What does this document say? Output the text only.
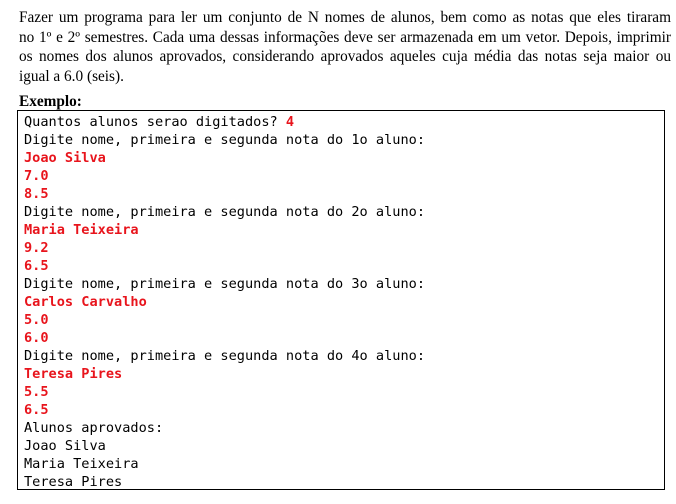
Fazer um programa para ler um conjunto de N nomes de alunos, bem como as notas que eles tiraram
no 1º e 2º semestres. Cada uma dessas informações deve ser armazenada em um vetor. Depois, imprimir
os nomes dos alunos aprovados, considerando aprovados aqueles cuja média das notas seja maior ou
igual a 6.0 (seis).
Exemplo:
Quantos alunos serao digitados? 4
Digite nome, primeira e segunda nota do 1o aluno:
Joao Silva
7.0
8.5
Digite nome, primeira e segunda nota do 2o aluno:
Maria Teixeira
9.2
6.5
Digite nome, primeira e segunda nota do 3o aluno:
Carlos Carvalho
5.0
6.0
Digite nome, primeira e segunda nota do 4o aluno:
Teresa Pires
5.5
6.5
Alunos aprovados:
Joao Silva
Maria Teixeira
Teresa Pires
